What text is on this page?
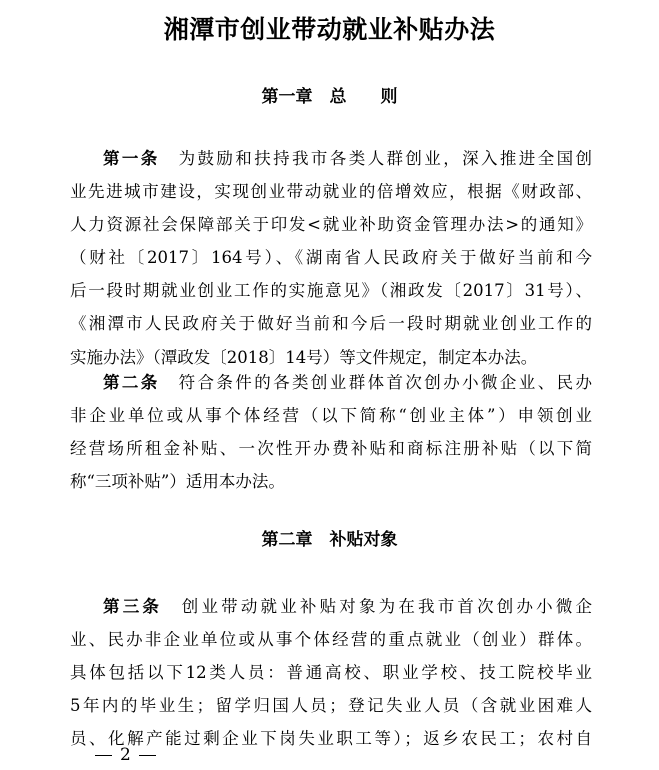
湘潭市创业带动就业补贴办法
第一章　总　　则
第一条　 为鼓励和扶持我市各类人群创业，深入推进全国创
业先进城市建设，实现创业带动就业的倍增效应，根据《财政部、
人力资源社会保障部关于印发<就业补助资金管理办法>的通知》
（财社〔2017〕164号）、《湖南省人民政府关于做好当前和今
后一段时期就业创业工作的实施意见》（湘政发〔2017〕31号）、
《湘潭市人民政府关于做好当前和今后一段时期就业创业工作的
实施办法》（潭政发〔2018〕14号）等文件规定，制定本办法。
第二条　 符合条件的各类创业群体首次创办小微企业、民办
非企业单位或从事个体经营（以下简称“创业主体”）申领创业
经营场所租金补贴、一次性开办费补贴和商标注册补贴（以下简
称“三项补贴”）适用本办法。
第二章　补贴对象
第三条　 创业带动就业补贴对象为在我市首次创办小微企
业、民办非企业单位或从事个体经营的重点就业（创业）群体。
具体包括以下12类人员：普通高校、职业学校、技工院校毕业
5年内的毕业生；留学归国人员；登记失业人员（含就业困难人
员、化解产能过剩企业下岗失业职工等）；返乡农民工；农村自
2
